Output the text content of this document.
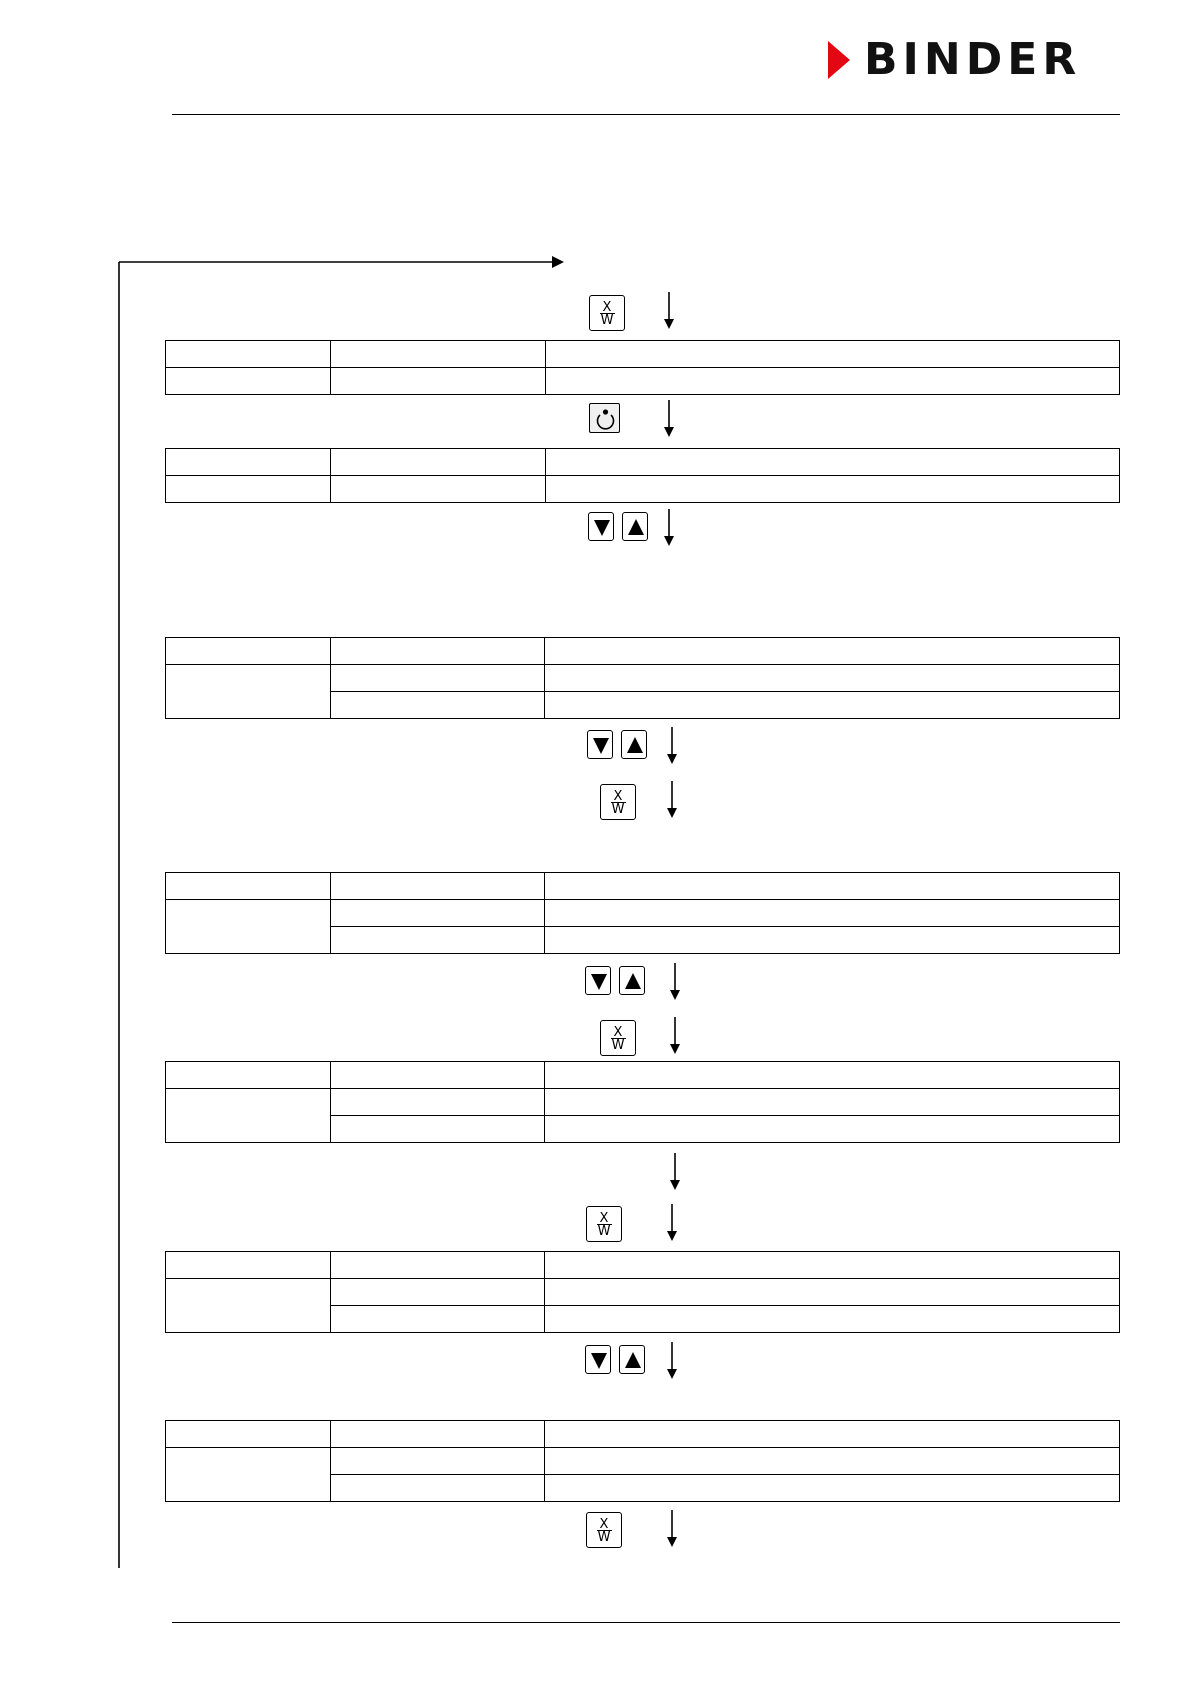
BINDER
X
W

X
W

X
W

X
W

X
W
